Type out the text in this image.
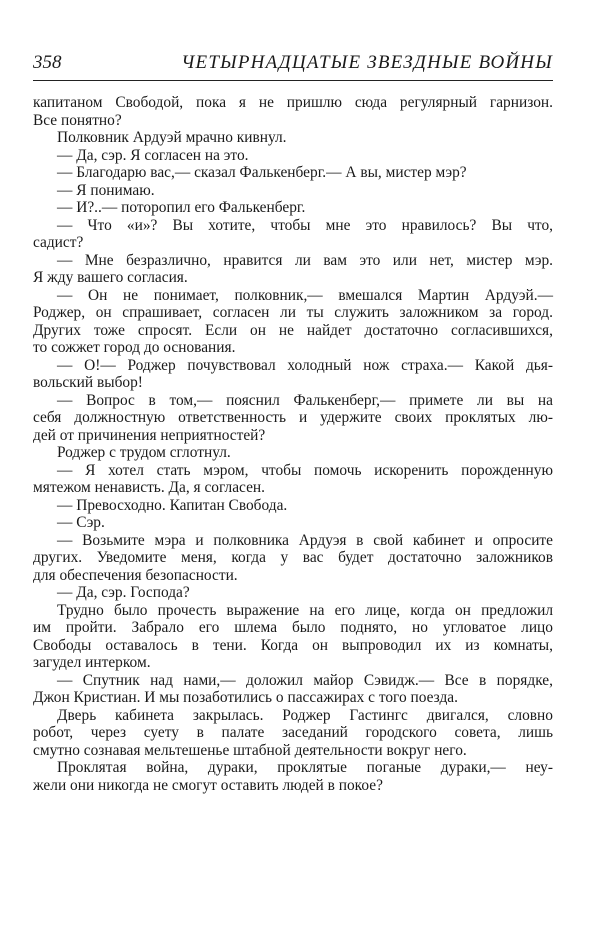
358	ЧЕТЫРНАДЦАТЫЕ ЗВЕЗДНЫЕ ВОЙНЫ
капитаном Свободой, пока я не пришлю сюда регулярный гарнизон.
Все понятно?
Полковник Ардуэй мрачно кивнул.
— Да, сэр. Я согласен на это.
— Благодарю вас,— сказал Фалькенберг.— А вы, мистер мэр?
— Я понимаю.
— И?..— поторопил его Фалькенберг.
— Что «и»? Вы хотите, чтобы мне это нравилось? Вы что,
садист?
— Мне безразлично, нравится ли вам это или нет, мистер мэр.
Я жду вашего согласия.
— Он не понимает, полковник,— вмешался Мартин Ардуэй.—
Роджер, он спрашивает, согласен ли ты служить заложником за город.
Других тоже спросят. Если он не найдет достаточно согласившихся,
то сожжет город до основания.
— О!— Роджер почувствовал холодный нож страха.— Какой дья-
вольский выбор!
— Вопрос в том,— пояснил Фалькенберг,— примете ли вы на
себя должностную ответственность и удержите своих проклятых лю-
дей от причинения неприятностей?
Роджер с трудом сглотнул.
— Я хотел стать мэром, чтобы помочь искоренить порожденную
мятежом ненависть. Да, я согласен.
— Превосходно. Капитан Свобода.
— Сэр.
— Возьмите мэра и полковника Ардуэя в свой кабинет и опросите
других. Уведомите меня, когда у вас будет достаточно заложников
для обеспечения безопасности.
— Да, сэр. Господа?
Трудно было прочесть выражение на его лице, когда он предложил
им пройти. Забрало его шлема было поднято, но угловатое лицо
Свободы оставалось в тени. Когда он выпроводил их из комнаты,
загудел интерком.
— Спутник над нами,— доложил майор Сэвидж.— Все в порядке,
Джон Кристиан. И мы позаботились о пассажирах с того поезда.
Дверь кабинета закрылась. Роджер Гастингс двигался, словно
робот, через суету в палате заседаний городского совета, лишь
смутно сознавая мельтешенье штабной деятельности вокруг него.
Проклятая война, дураки, проклятые поганые дураки,— неу-
жели они никогда не смогут оставить людей в покое?
